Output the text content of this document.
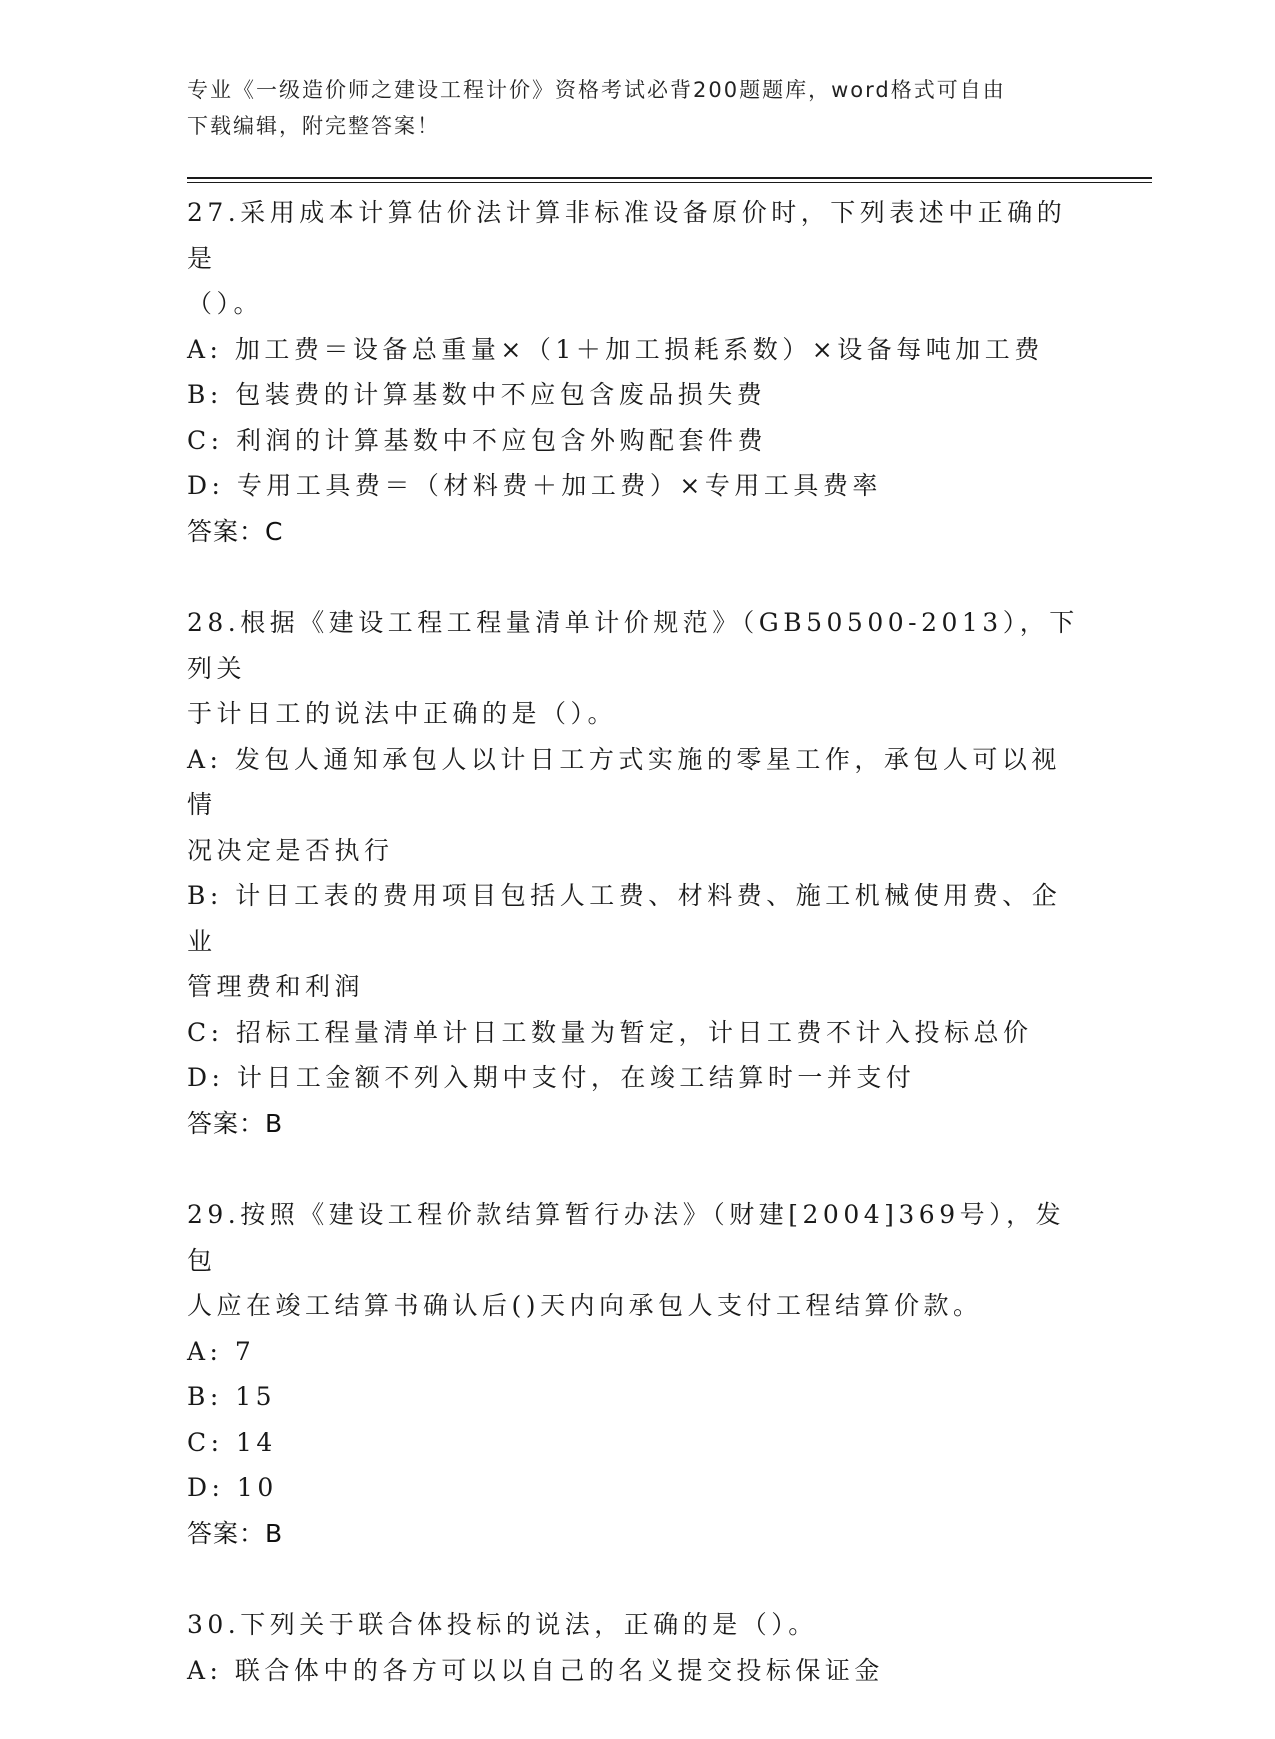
专业《一级造价师之建设工程计价》资格考试必背200题题库，word格式可自由
下载编辑，附完整答案！
27.采用成本计算估价法计算非标准设备原价时，下列表述中正确的是
（）。
A: 加工费＝设备总重量×（1＋加工损耗系数）×设备每吨加工费
B: 包装费的计算基数中不应包含废品损失费
C: 利润的计算基数中不应包含外购配套件费
D: 专用工具费＝（材料费＋加工费）×专用工具费率
答案：C
28.根据《建设工程工程量清单计价规范》（GB50500-2013），下列关
于计日工的说法中正确的是（）。
A: 发包人通知承包人以计日工方式实施的零星工作，承包人可以视情
况决定是否执行
B: 计日工表的费用项目包括人工费、材料费、施工机械使用费、企业
管理费和利润
C: 招标工程量清单计日工数量为暂定，计日工费不计入投标总价
D: 计日工金额不列入期中支付，在竣工结算时一并支付
答案：B
29.按照《建设工程价款结算暂行办法》（财建[2004]369号），发包
人应在竣工结算书确认后()天内向承包人支付工程结算价款。
A: 7
B: 15
C: 14
D: 10
答案：B
30.下列关于联合体投标的说法，正确的是（）。
A: 联合体中的各方可以以自己的名义提交投标保证金
